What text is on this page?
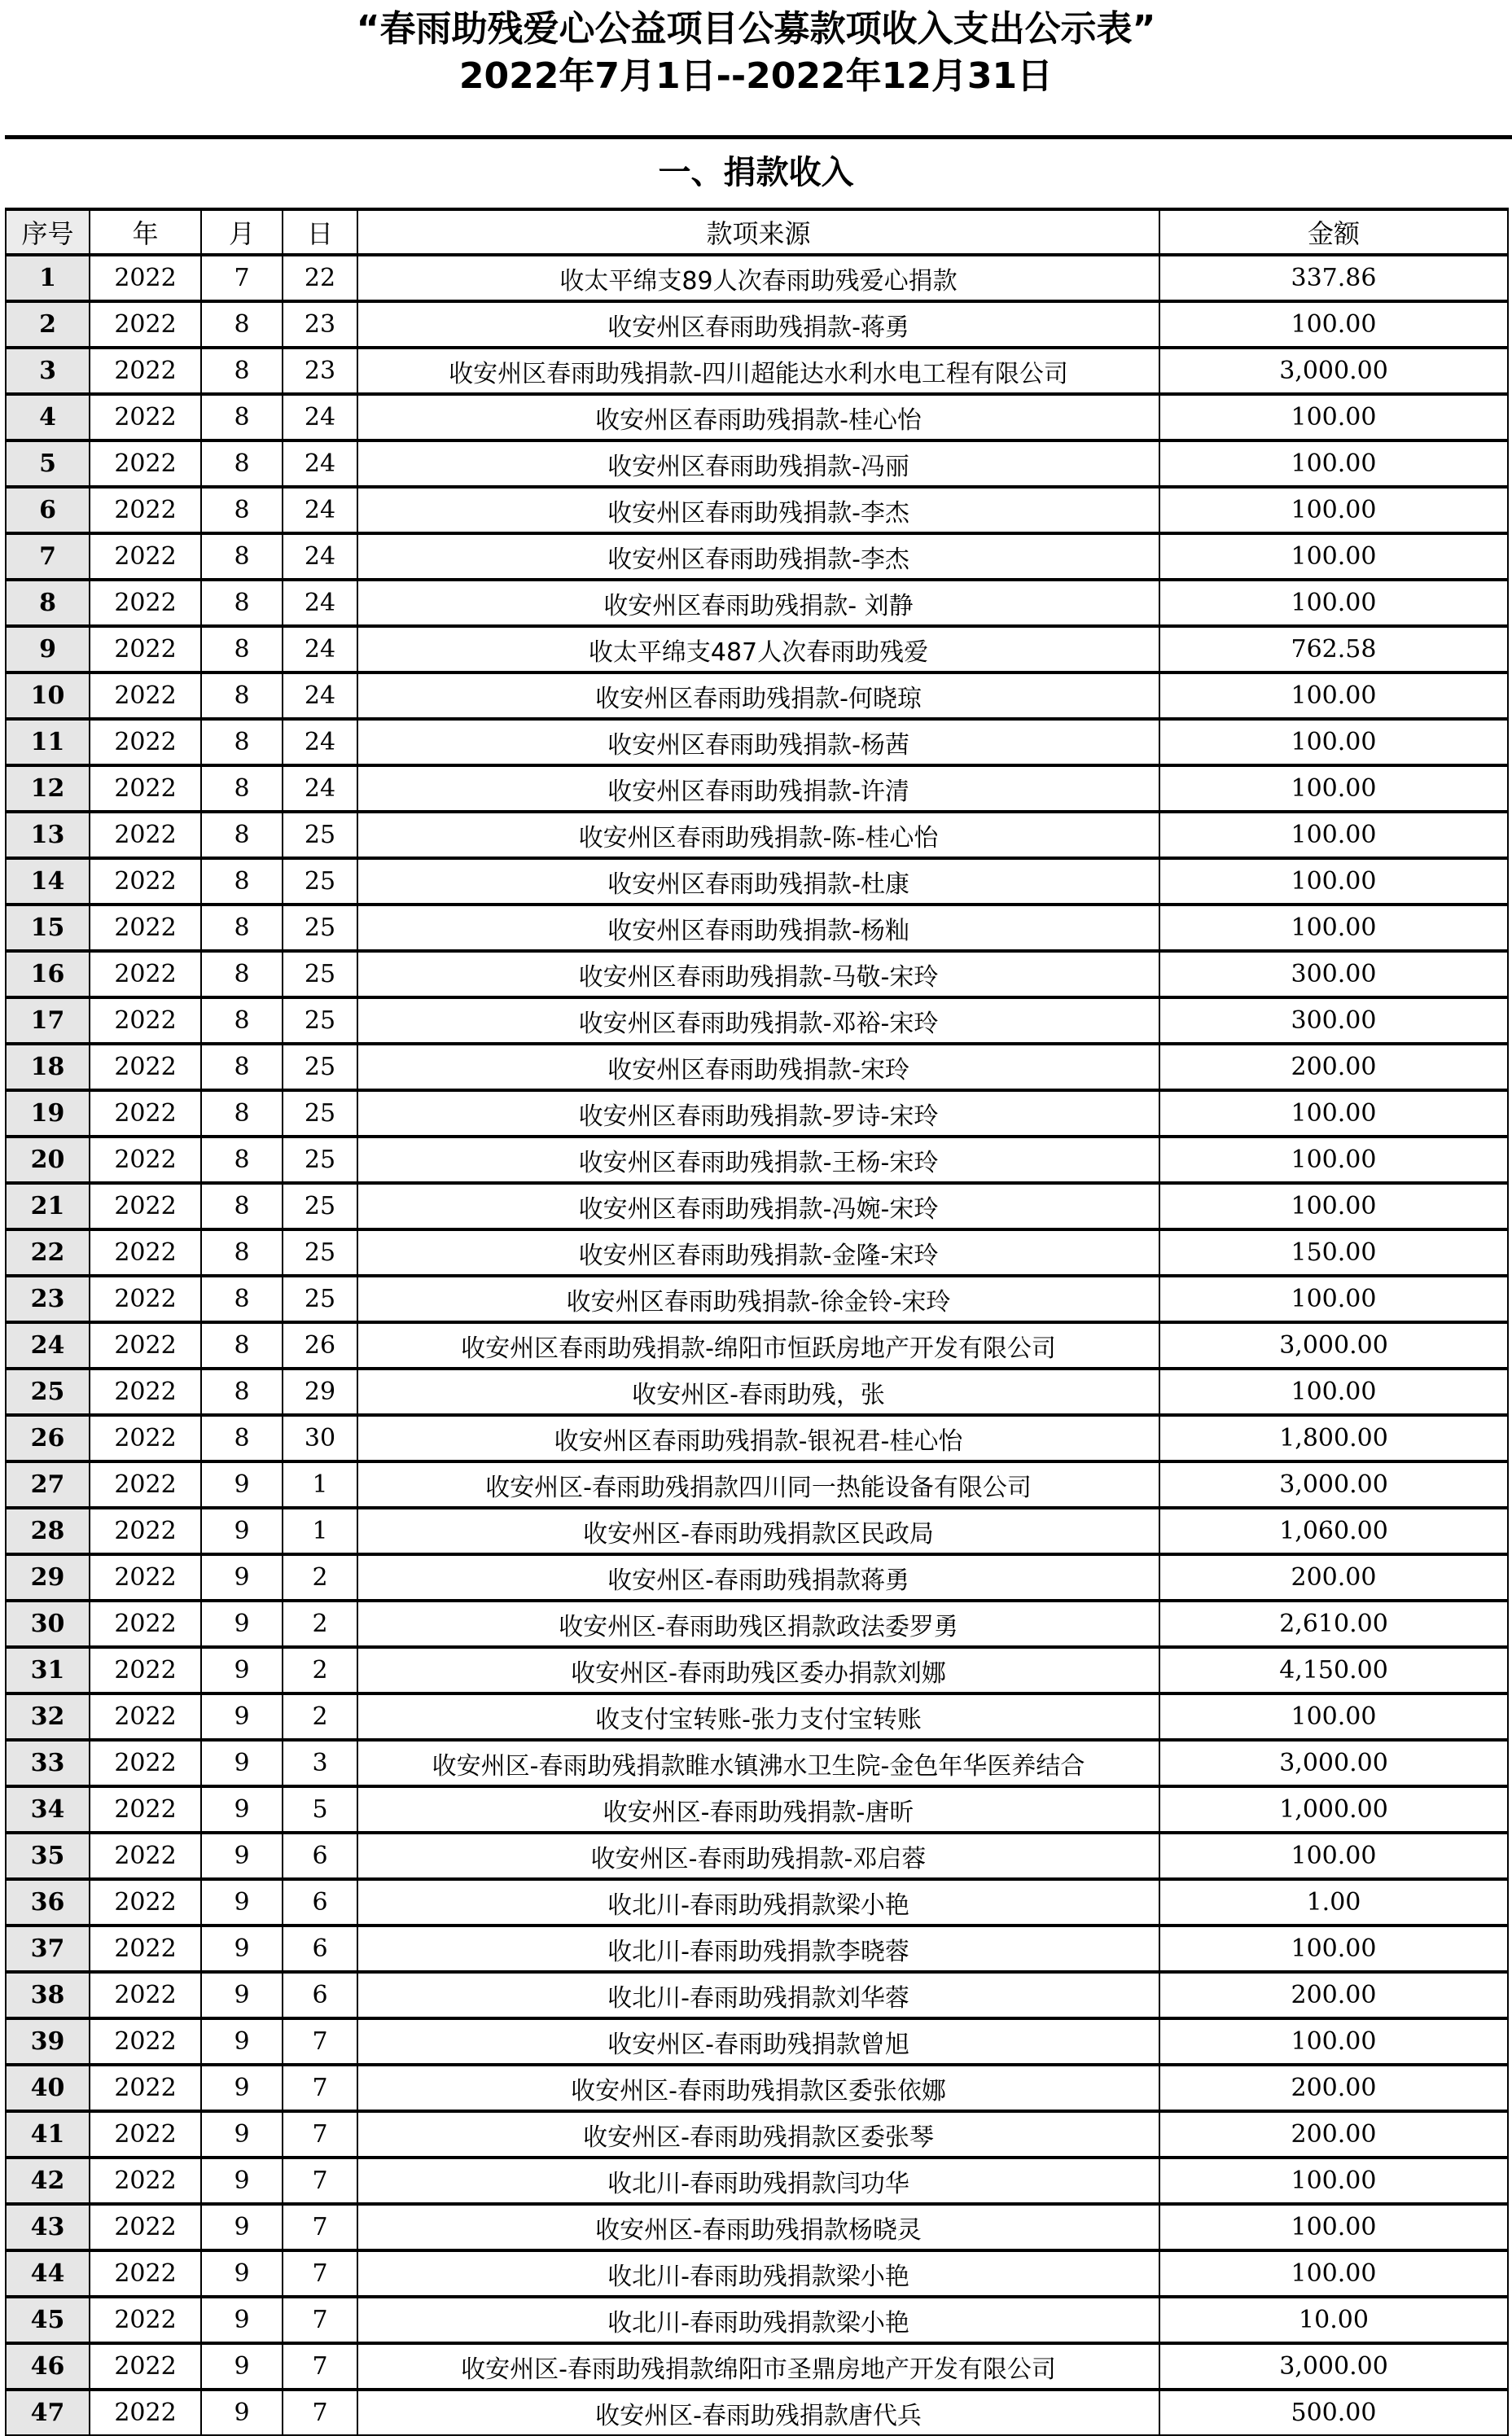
“春雨助残爱心公益项目公募款项收入支出公示表”
2022年7月1日--2022年12月31日
一、捐款收入
序号	年	月	日	款项来源	金额
1	2022	7	22	收太平绵支89人次春雨助残爱心捐款	337.86
2	2022	8	23	收安州区春雨助残捐款-蒋勇	100.00
3	2022	8	23	收安州区春雨助残捐款-四川超能达水利水电工程有限公司	3,000.00
4	2022	8	24	收安州区春雨助残捐款-桂心怡	100.00
5	2022	8	24	收安州区春雨助残捐款-冯丽	100.00
6	2022	8	24	收安州区春雨助残捐款-李杰	100.00
7	2022	8	24	收安州区春雨助残捐款-李杰	100.00
8	2022	8	24	收安州区春雨助残捐款- 刘静	100.00
9	2022	8	24	收太平绵支487人次春雨助残爱	762.58
10	2022	8	24	收安州区春雨助残捐款-何晓琼	100.00
11	2022	8	24	收安州区春雨助残捐款-杨茜	100.00
12	2022	8	24	收安州区春雨助残捐款-许清	100.00
13	2022	8	25	收安州区春雨助残捐款-陈-桂心怡	100.00
14	2022	8	25	收安州区春雨助残捐款-杜康	100.00
15	2022	8	25	收安州区春雨助残捐款-杨籼	100.00
16	2022	8	25	收安州区春雨助残捐款-马敬-宋玲	300.00
17	2022	8	25	收安州区春雨助残捐款-邓裕-宋玲	300.00
18	2022	8	25	收安州区春雨助残捐款-宋玲	200.00
19	2022	8	25	收安州区春雨助残捐款-罗诗-宋玲	100.00
20	2022	8	25	收安州区春雨助残捐款-王杨-宋玲	100.00
21	2022	8	25	收安州区春雨助残捐款-冯婉-宋玲	100.00
22	2022	8	25	收安州区春雨助残捐款-金隆-宋玲	150.00
23	2022	8	25	收安州区春雨助残捐款-徐金铃-宋玲	100.00
24	2022	8	26	收安州区春雨助残捐款-绵阳市恒跃房地产开发有限公司	3,000.00
25	2022	8	29	收安州区-春雨助残，张	100.00
26	2022	8	30	收安州区春雨助残捐款-银祝君-桂心怡	1,800.00
27	2022	9	1	收安州区-春雨助残捐款四川同一热能设备有限公司	3,000.00
28	2022	9	1	收安州区-春雨助残捐款区民政局	1,060.00
29	2022	9	2	收安州区-春雨助残捐款蒋勇	200.00
30	2022	9	2	收安州区-春雨助残区捐款政法委罗勇	2,610.00
31	2022	9	2	收安州区-春雨助残区委办捐款刘娜	4,150.00
32	2022	9	2	收支付宝转账-张力支付宝转账	100.00
33	2022	9	3	收安州区-春雨助残捐款睢水镇沸水卫生院-金色年华医养结合	3,000.00
34	2022	9	5	收安州区-春雨助残捐款-唐昕	1,000.00
35	2022	9	6	收安州区-春雨助残捐款-邓启蓉	100.00
36	2022	9	6	收北川-春雨助残捐款梁小艳	1.00
37	2022	9	6	收北川-春雨助残捐款李晓蓉	100.00
38	2022	9	6	收北川-春雨助残捐款刘华蓉	200.00
39	2022	9	7	收安州区-春雨助残捐款曾旭	100.00
40	2022	9	7	收安州区-春雨助残捐款区委张依娜	200.00
41	2022	9	7	收安州区-春雨助残捐款区委张琴	200.00
42	2022	9	7	收北川-春雨助残捐款闫功华	100.00
43	2022	9	7	收安州区-春雨助残捐款杨晓灵	100.00
44	2022	9	7	收北川-春雨助残捐款梁小艳	100.00
45	2022	9	7	收北川-春雨助残捐款梁小艳	10.00
46	2022	9	7	收安州区-春雨助残捐款绵阳市圣鼎房地产开发有限公司	3,000.00
47	2022	9	7	收安州区-春雨助残捐款唐代兵	500.00
